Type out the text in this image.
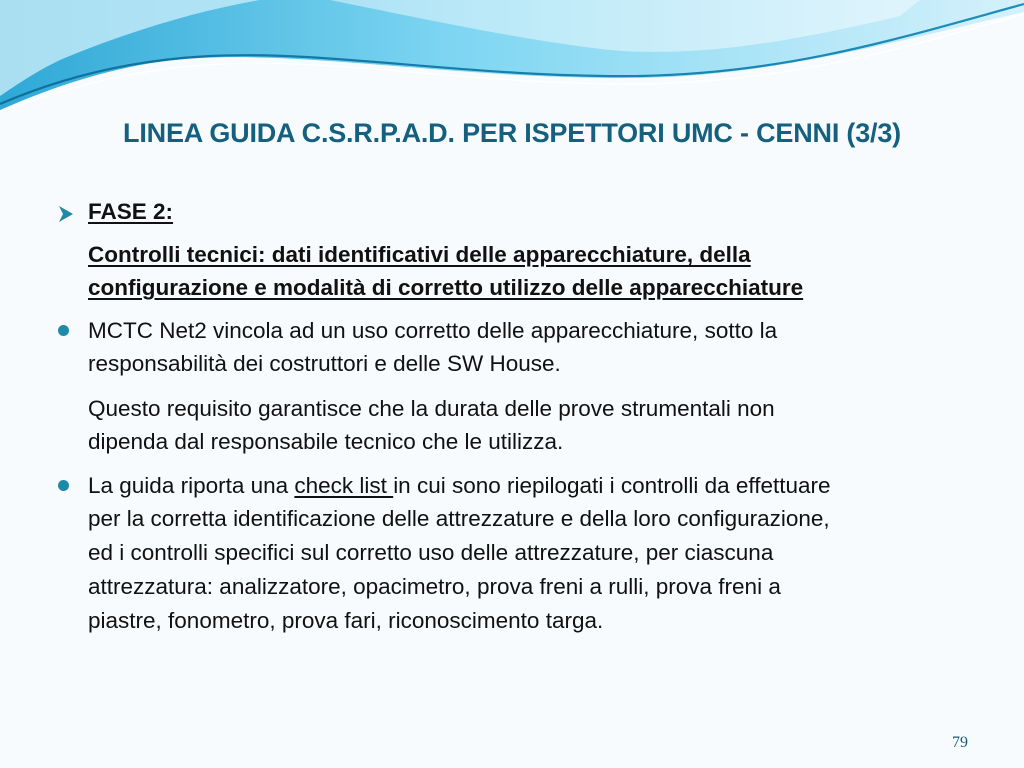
LINEA GUIDA C.S.R.P.A.D. PER ISPETTORI UMC - CENNI (3/3)
FASE 2:
Controlli tecnici: dati identificativi delle apparecchiature, della
configurazione e modalità di corretto utilizzo delle apparecchiature
MCTC Net2 vincola ad un uso corretto delle apparecchiature, sotto la
responsabilità dei costruttori e delle SW House.
Questo requisito garantisce che la durata delle prove strumentali non
dipenda dal responsabile tecnico che le utilizza.
La guida riporta una check list in cui sono riepilogati i controlli da effettuare
per la corretta identificazione delle attrezzature e della loro configurazione,
ed i controlli specifici sul corretto uso delle attrezzature, per ciascuna
attrezzatura: analizzatore, opacimetro, prova freni a rulli, prova freni a
piastre, fonometro, prova fari, riconoscimento targa.
79
